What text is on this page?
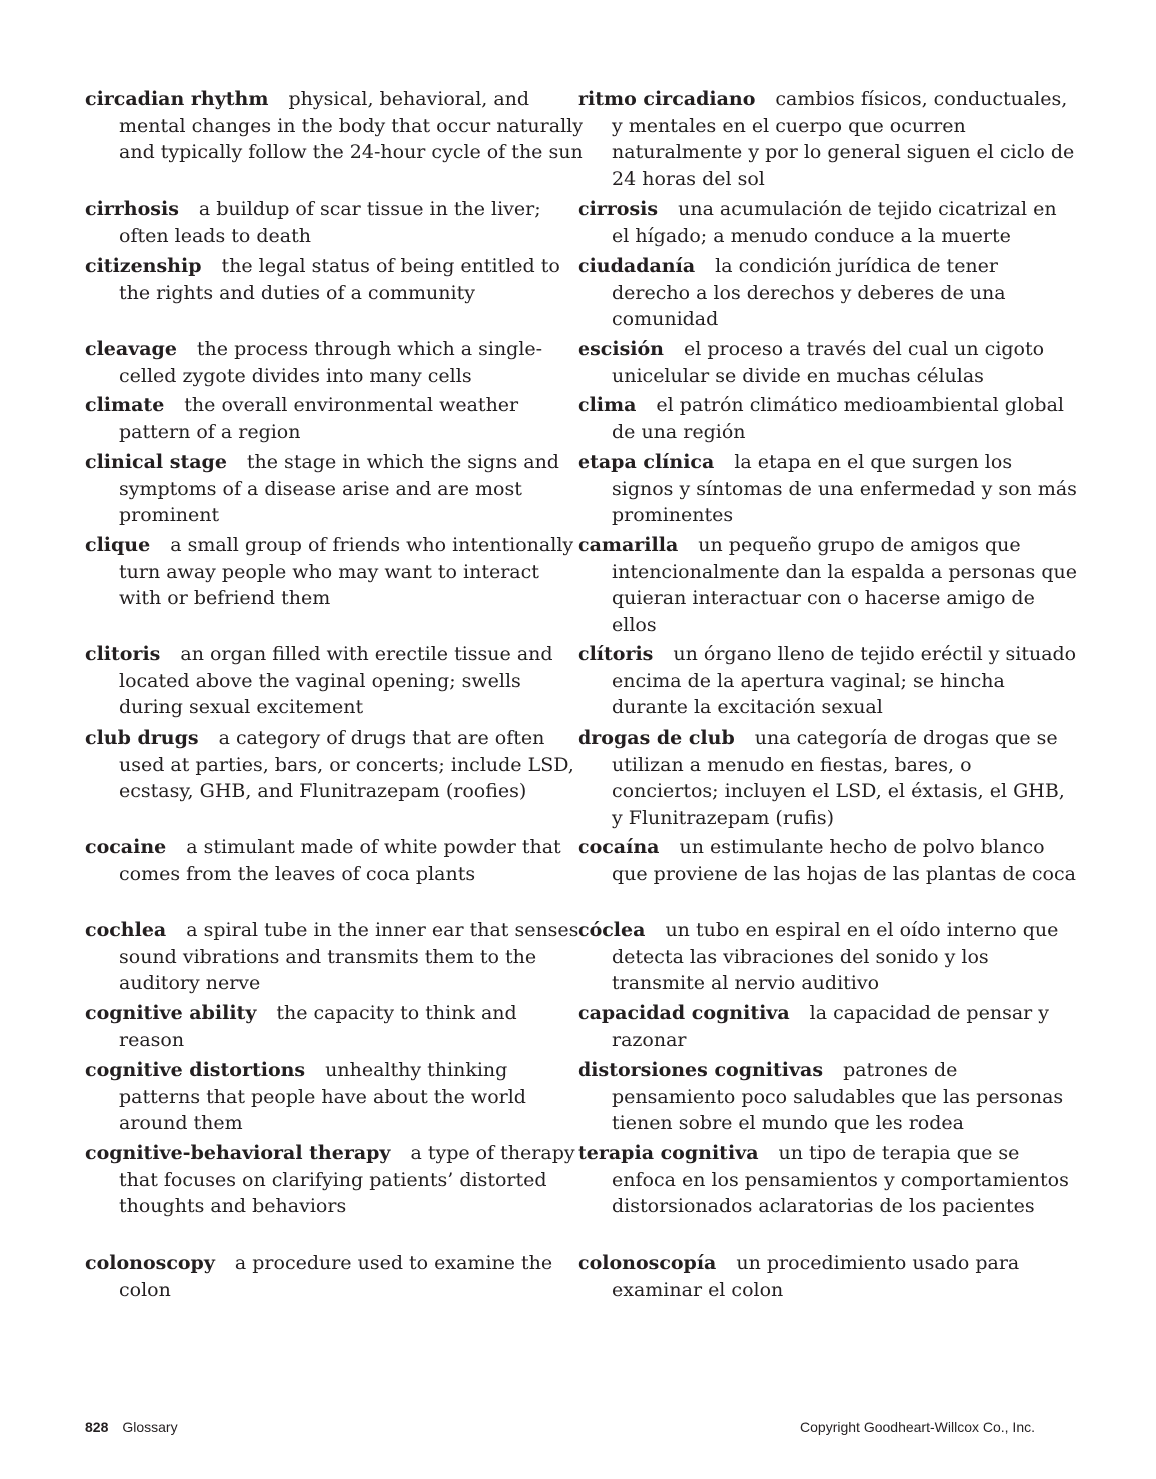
circadian rhythm physical, behavioral, and mental changes in the body that occur naturally and typically follow the 24-hour cycle of the sun

cirrhosis a buildup of scar tissue in the liver; often leads to death

citizenship the legal status of being entitled to the rights and duties of a community

cleavage the process through which a single-celled zygote divides into many cells

climate the overall environmental weather pattern of a region

clinical stage the stage in which the signs and symptoms of a disease arise and are most prominent

clique a small group of friends who intentionally turn away people who may want to interact with or befriend them

clitoris an organ filled with erectile tissue and located above the vaginal opening; swells during sexual excitement

club drugs a category of drugs that are often used at parties, bars, or concerts; include LSD, ecstasy, GHB, and Flunitrazepam (roofies)

cocaine a stimulant made of white powder that comes from the leaves of coca plants

cochlea a spiral tube in the inner ear that senses sound vibrations and transmits them to the auditory nerve

cognitive ability the capacity to think and reason

cognitive distortions unhealthy thinking patterns that people have about the world around them

cognitive-behavioral therapy a type of therapy that focuses on clarifying patients’ distorted thoughts and behaviors

colonoscopy a procedure used to examine the colon

ritmo circadiano cambios físicos, conductuales, y mentales en el cuerpo que ocurren naturalmente y por lo general siguen el ciclo de 24 horas del sol

cirrosis una acumulación de tejido cicatrizal en el hígado; a menudo conduce a la muerte

ciudadanía la condición jurídica de tener derecho a los derechos y deberes de una comunidad

escisión el proceso a través del cual un cigoto unicelular se divide en muchas células

clima el patrón climático medioambiental global de una región

etapa clínica la etapa en el que surgen los signos y síntomas de una enfermedad y son más prominentes

camarilla un pequeño grupo de amigos que intencionalmente dan la espalda a personas que quieran interactuar con o hacerse amigo de ellos

clítoris un órgano lleno de tejido eréctil y situado encima de la apertura vaginal; se hincha durante la excitación sexual

drogas de club una categoría de drogas que se utilizan a menudo en fiestas, bares, o conciertos; incluyen el LSD, el éxtasis, el GHB, y Flunitrazepam (rufis)

cocaína un estimulante hecho de polvo blanco que proviene de las hojas de las plantas de coca

cóclea un tubo en espiral en el oído interno que detecta las vibraciones del sonido y los transmite al nervio auditivo

capacidad cognitiva la capacidad de pensar y razonar

distorsiones cognitivas patrones de pensamiento poco saludables que las personas tienen sobre el mundo que les rodea

terapia cognitiva un tipo de terapia que se enfoca en los pensamientos y comportamientos distorsionados aclaratorias de los pacientes

colonoscopía un procedimiento usado para examinar el colon

828 Glossary	Copyright Goodheart-Willcox Co., Inc.
